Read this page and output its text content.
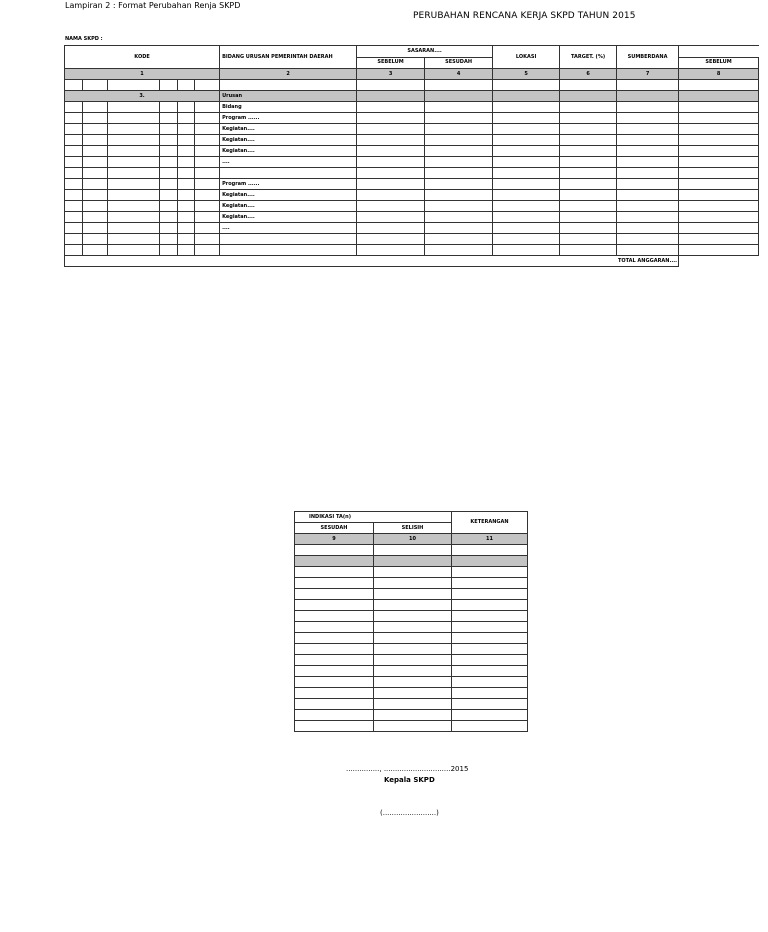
Lampiran 2 : Format Perubahan Renja SKPD
PERUBAHAN RENCANA KERJA SKPD TAHUN 2015
NAMA SKPD :
KODE						BIDANG URUSAN PEMERINTAH DAERAH	SASARAN....		LOKASI	TARGET. (%)	SUMBERDANA	
							SEBELUM	SESUDAH				SEBELUM
1						2	3	4	5	6	7	8

3.						Urusan						
						Bidang						
						Program ......						
						Kegiatan....						
						Kegiatan....						
						Kegiatan....						
						....						

						Program ......						
						Kegiatan....						
						Kegiatan....						
						Kegiatan....						
						....						

TOTAL ANGGARAN....												
INDIKASI TA(n)		KETERANGAN
SESUDAH	SELISIH	
9	10	11

..............., ..............................2015
Kepala SKPD
(........................)
